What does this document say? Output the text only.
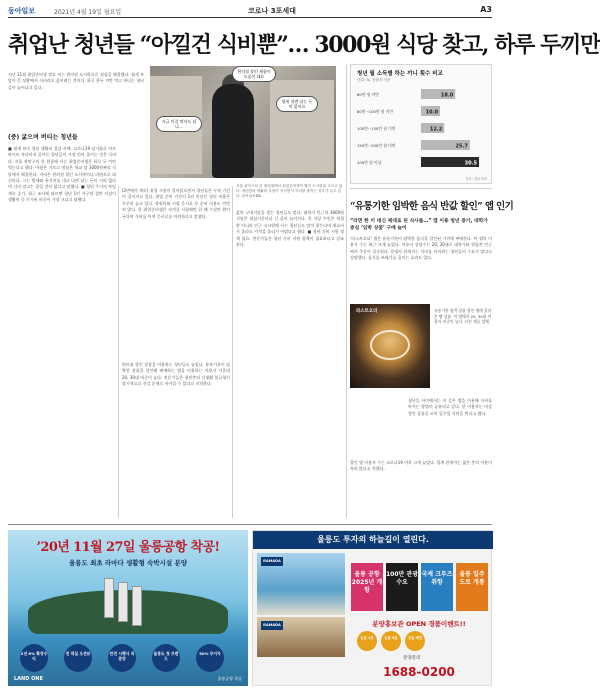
동아일보	2021년 4월 19일 월요일	코로나 3포세대	A3
취업난 청년들 “아낄건 식비뿐”… 3000원 식당 찾고, 하루 두끼만
지난 11월 취업준비생 정모 씨는 편의점 도시락으로 점심을 해결했다. 월세 부담이 큰 상황에서 식비라도 줄이려는 것이다. 하루 한두 끼만 먹고 버티는 청년들이 늘어나고 있다.
(중) 굶으며 버티는 청년들
지금 이걸 먹어도 되나…
편의점 할인 제품이 도움이 돼요
월세 내면 남는 돈이 없어요
■ 월세 하숙 청년 생활비 절감 사례. 코로나19 장기화로 아르바이트 자리마저 줄어든 청년들이 가장 먼저 줄이는 것은 식비다. 서울 관악구의 한 원룸에 사는 취업준비생은 하루 두 끼만 먹는다고 했다. 아침은 거르고 점심은 학교 앞 3000원짜리 식당에서 해결한다. 저녁은 편의점 할인 도시락이나 라면으로 대신한다. 그는 방세와 통신비를 내고 나면 남는 돈이 거의 없다며 식비 말고는 줄일 것이 없다고 말했다. ■ 청년 주거비 부담 계속 증가. 최근 조사에 따르면 청년 1인 가구의 절반 이상이 생활비 중 주거비 비중이 가장 크다고 답했다.
(2면에서 계속) 취업 시장이 얼어붙으면서 청년들은 구직 기간이 길어지고 있다. 취업 준비 기간이 1년 이상인 청년 비율은 꾸준히 늘고 있다. 학원비와 시험 응시료 등 준비 비용도 만만치 않다. 한 취업준비생은 자격증 시험에만 한 해 수십만 원이 든다며 식비를 아껴 응시료를 마련한다고 말했다.
편의점 할인 상품을 이용하는 청년들도 늘었다. 유통기한이 임박한 상품을 할인해 판매하는 앱을 이용하는 이용자 가운데 20, 30대 비중이 높다. 전문가들은 청년층의 식생활 불균형이 장기적으로 건강 문제로 이어질 수 있다고 지적한다.
서울 관악구의 한 편의점에서 취업준비생이 할인 도시락을 고르고 있다. 청년층의 생활비 부담이 커지면서 식비를 줄이는 경우가 늘고 있다. 동아일보DB
값싼 구내식당을 찾는 청년들도 많다. 대학가 인근의 3000원 식당은 점심시간마다 긴 줄이 늘어선다. 한 식당 주인은 학생뿐 아니라 인근 고시원에 사는 청년들도 많이 찾는다며 재료비가 올라도 가격을 올리기 어렵다고 했다. ■ 청년 식비 지원 정책 필요. 전문가들은 청년 식비 지원 정책이 필요하다고 강조한다.
청년 월 소득별 하는 끼니 횟수 비교
단위: %, 응답자 기준
80만 원 미만	18.0
80만~100만 원 미만	10.0
100만~150만 원 미만	12.2
150만~200만 원 미만	25.7
200만 원 이상	30.5
자료: 청년세대
“유통기한 임박한 음식 반값 할인” 앱 인기
“라면 한 끼 대신 제대로 된 식사를…” 앱 이용 청년 증가, 대학가 중심 ‘임박 상품’ 구매 늘어
‘라스트오더’ 앱은 유통기한이 임박한 음식을 할인된 가격에 판매한다. 이 앱의 이용자 수는 최근 크게 늘었다. 이용자 상당수는 20, 30대로 대학가와 원룸촌 인근에서 주문이 집중된다. 운영사 관계자는 식비를 아끼려는 청년들의 수요가 많다고 설명했다. 음식물 쓰레기를 줄이는 효과도 있다.
라스트오더	유통기한 임박 상품 할인 앱에 올라온 빵 상품. 이 앱에서 20, 30대 이용자 비중이 높다. 사진 제공 업체
청년들 사이에서는 이 같은 앱을 이용해 식비를 아끼는 방법이 공유되고 있다. 한 이용자는 마감 할인 상품을 모아 일주일 식단을 짠다고 했다.
할인 앱 이용자 수는 코로나19 이후 크게 늘었다. 업계 관계자는 젊은 층의 이용이 특히 많다고 전했다.
’20년 11월 27일 울릉공항 착공!
울릉도 최초 라마다 생활형 숙박시설 분양
2년 6% 확정수익
전 객실 오션뷰	완전 시행사 직분양
울릉도 첫 브랜드
50% 무이자
LAND ONE	울릉공항 착공
울릉도 투자의 하늘길이 열린다.
RAMADA
RAMADA
울릉 공항 2025년 개항
100만 관광 수요
국제 크루즈 취항
울릉 일주 도로 개통
분양홍보관 OPEN 경품이벤트!!
순금 1돈	순금 5돈	고급 세단
분양문의
1688-0200
